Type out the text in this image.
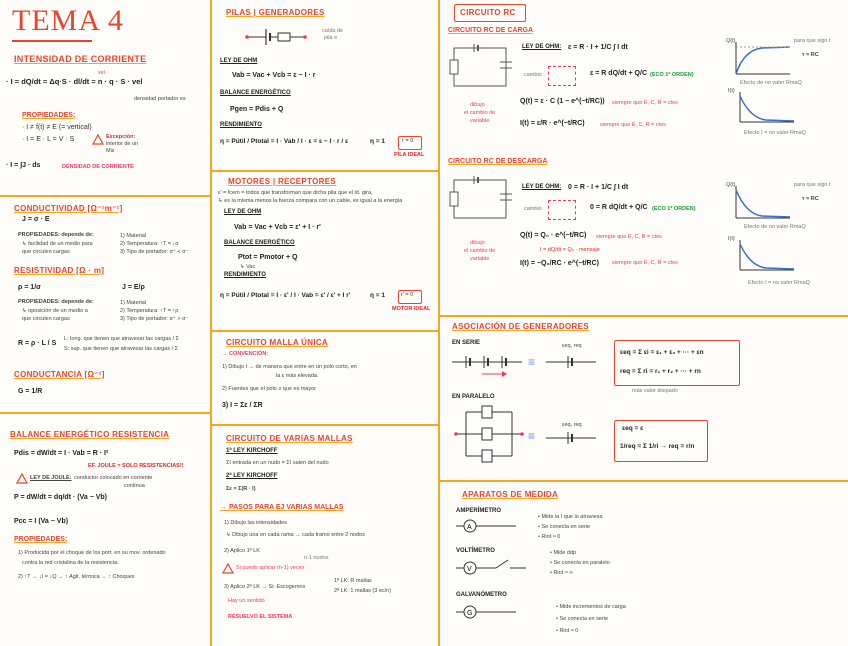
TEMA 4
INTENSIDAD DE CORRIENTE
· I = dQ/dt = Δq·S · dl/dt = n · q · S · vel
vel
densidad portador es
PROPIEDADES:
· I ≠ f(t) ≠ E (= vertical)
· I = E · L = V · S	Excepción:
interior de un
Mis
· I = ∫J · ds	DENSIDAD DE CORRIENTE
CONDUCTIVIDAD [Ω⁻¹m⁻¹]
J = σ · E
PROPIEDADES: depende de:
↳ facilidad de un medio para
que circulen cargas
1) Material
2) Temperatura: ↑T = ↓σ
3) Tipo de portador: σ⁺ < σ⁻
RESISTIVIDAD [Ω · m]
ρ = 1/σ	J = E/ρ
PROPIEDADES: depende de:
↳ oposición de un medio a
que circulen cargas
1) Material
2) Temperatura: ↑T = ↑ρ
3) Tipo de portador: σ⁺ > σ⁻
R = ρ · L / S
L: long. que tienen que atravesar las cargas / Σ
S: sup. que tienen que atravesar las cargas / Σ
CONDUCTANCIA [Ω⁻¹]
G = 1/R
BALANCE ENERGÉTICO RESISTENCIA
Pdis = dW/dt = I · Vab = R · I²
EF. JOULE = SOLO RESISTENCIAS!!
LEY DE JOULE: conductor colocado en corriente
continua
P = dW/dt = dq/dt · (Va − Vb)
Pcc = I (Va − Vb)
PROPIEDADES:
1) Producida por el choque de los port. en su mov. ordenado
contra la red cristalina de la resistencia.
2) ↑T → ↓I = ↓Q → ↑ Agit. térmica → ↑ Choques
PILAS | GENERADORES
caída de
pila e
LEY DE OHM
Vab = Vac + Vcb = ε − I · r
BALANCE ENERGÉTICO
Pgen = Pdis + Q
RENDIMIENTO
η = Pútil / Ptotal = I · Vab / I · ε = ε − I · r / ε	η = 1	r = 0
PILA IDEAL
MOTORES | RECEPTORES
ε' = fcem = todos que transforman que dicha pila que el ld. gira,
↳ es la misma menos la fuerza compara con un cable, es igual a la energía
LEY DE OHM
Vab = Vac + Vcb = ε' + I · r'
BALANCE ENERGÉTICO
Ptot = Pmotor + Q
↳ Vac
RENDIMIENTO
η = Pútil / Ptotal = I · ε' / I · Vab = ε' / ε' + I r'	η = 1	r' = 0
MOTOR IDEAL
CIRCUITO MALLA ÚNICA
→ CONVENCIÓN:
1) Dibujo I → de manera que entre en un polo corto, en
la ε más elevada.
2) Fuentes que el polo ≥ que es mayor
3) I = Σε / ΣR
CIRCUITO DE VARIAS MALLAS
1ª LEY KIRCHOFF
ΣI entrada en un nudo = ΣI salen del nudo
2ª LEY KIRCHOFF
Σε = Σ(R · I)
→ PASOS PARA EJ VARIAS MALLAS
1) Dibujo las intensidades
↳ Dibujo una en cada rama → cada tramo entre 2 nodos
2) Aplico 1ª LK
n-1 nudos
Si puedo aplicar (n-1) veces
3) Aplico 2ª LK → Si: Escogemos
1ª LK: R mallas
2ª LK: 1 mallas (3 ec/n)
Hay un sentido
RESUELVO EL SISTEMA
CIRCUITO RC
CIRCUITO RC DE CARGA
LEY DE OHM: ε = R · I + 1/C ∫ I dt
cambio	ε = R dQ/dt + Q/C (ECO 1º ORDEN)
dibujo
el cambio de
variable
Q(t) = ε · C (1 − e^(−t/RC)) siempre que E, C, R = ctes
I(t) = ε/R · e^(−t/RC)	siempre que E, C, R = ctes
Q(t)	para que sign t
τ = RC
Efecto de no valer RmaQ
I(t)
Efecto I = no valer RmaQ
CIRCUITO RC DE DESCARGA
LEY DE OHM: 0 = R · I + 1/C ∫ I dt
cambio	0 = R dQ/dt + Q/C (ECO 1º ORDEN)
dibujo
el cambio de
variable
Q(t) = Q₀ · e^(−t/RC) siempre que E, C, R = ctes
I = dQ/dt = Q₀ · mensaje
I(t) = −Q₀/RC · e^(−t/RC) siempre que E, C, R = ctes
Q(t)	para que sign t
τ = RC
Efecto de no valer RmaQ
I(t)
Efecto I = no valer RmaQ
ASOCIACIÓN DE GENERADORES
EN SERIE
≡
εeq, req
εeq = Σ εi = ε₁ + ε₂ + ··· + εn
req = Σ ri = r₁ + r₂ + ··· + rn
más valor disipado
EN PARALELO
≡
εeq, req	εeq = ε
1/req = Σ 1/ri → req = r/n
APARATOS DE MEDIDA
AMPERÍMETRO
A
• Mide la I que lo atraviesa
• Se conecta en serie
• Rint ≈ 0
VOLTÍMETRO
V
• Mide ddp
• Se conecta en paralelo
• Rint ≈ ∞
GALVANÓMETRO
G
• Mide incrementos de carga
• Se conecta en serie
• Rint ≈ 0
